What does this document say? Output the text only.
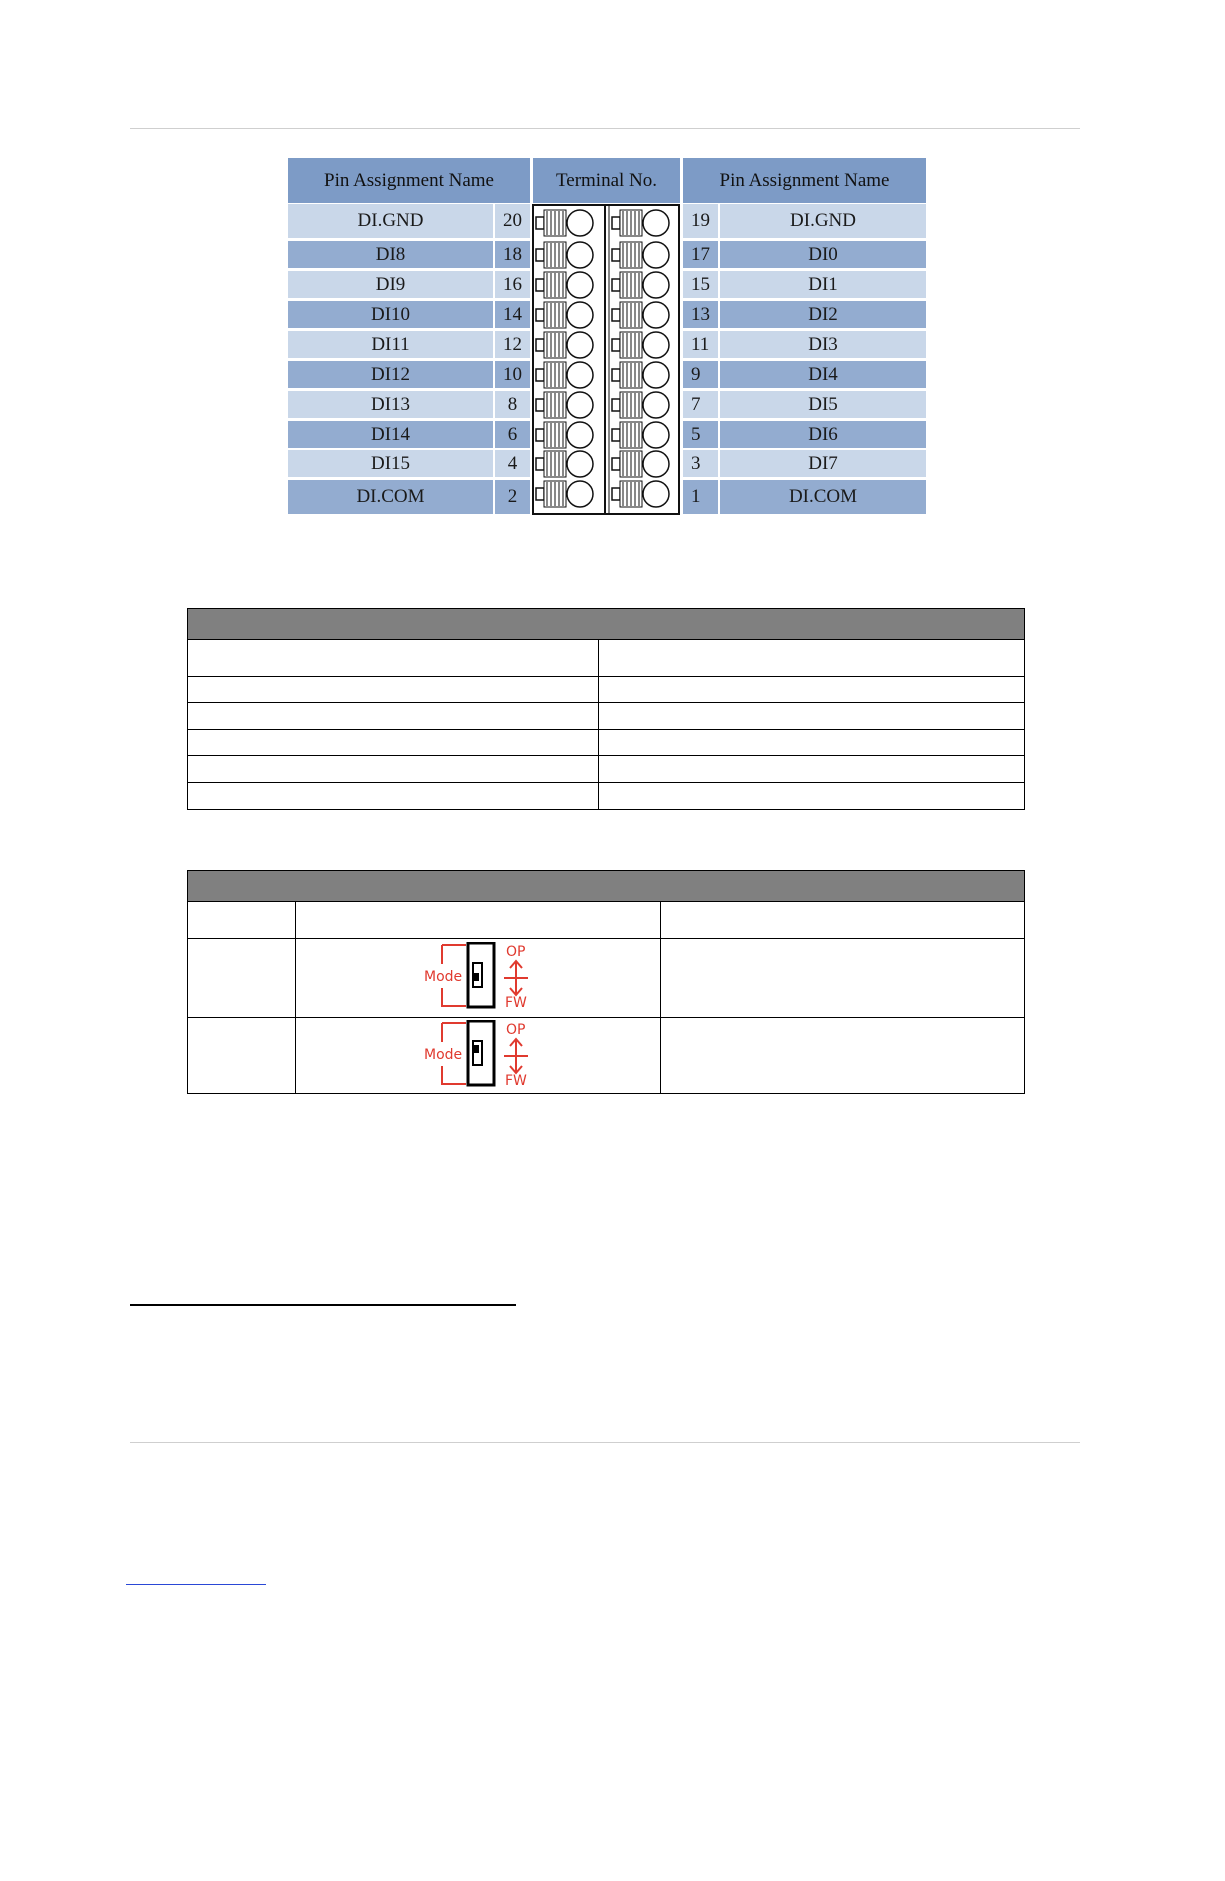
Pin Assignment Name	Terminal No.	Pin Assignment Name
DI.GND	20	19	DI.GND
DI8	18	17	DI0
DI9	16	15	DI1
DI10	14	13	DI2
DI11	12	11	DI3
DI12	10	9	DI4
DI13	8	7	DI5
DI14	6	5	DI6
DI15	4	3	DI7
DI.COM	2	1	DI.COM
Mode
OP
FW
Mode
OP
FW
